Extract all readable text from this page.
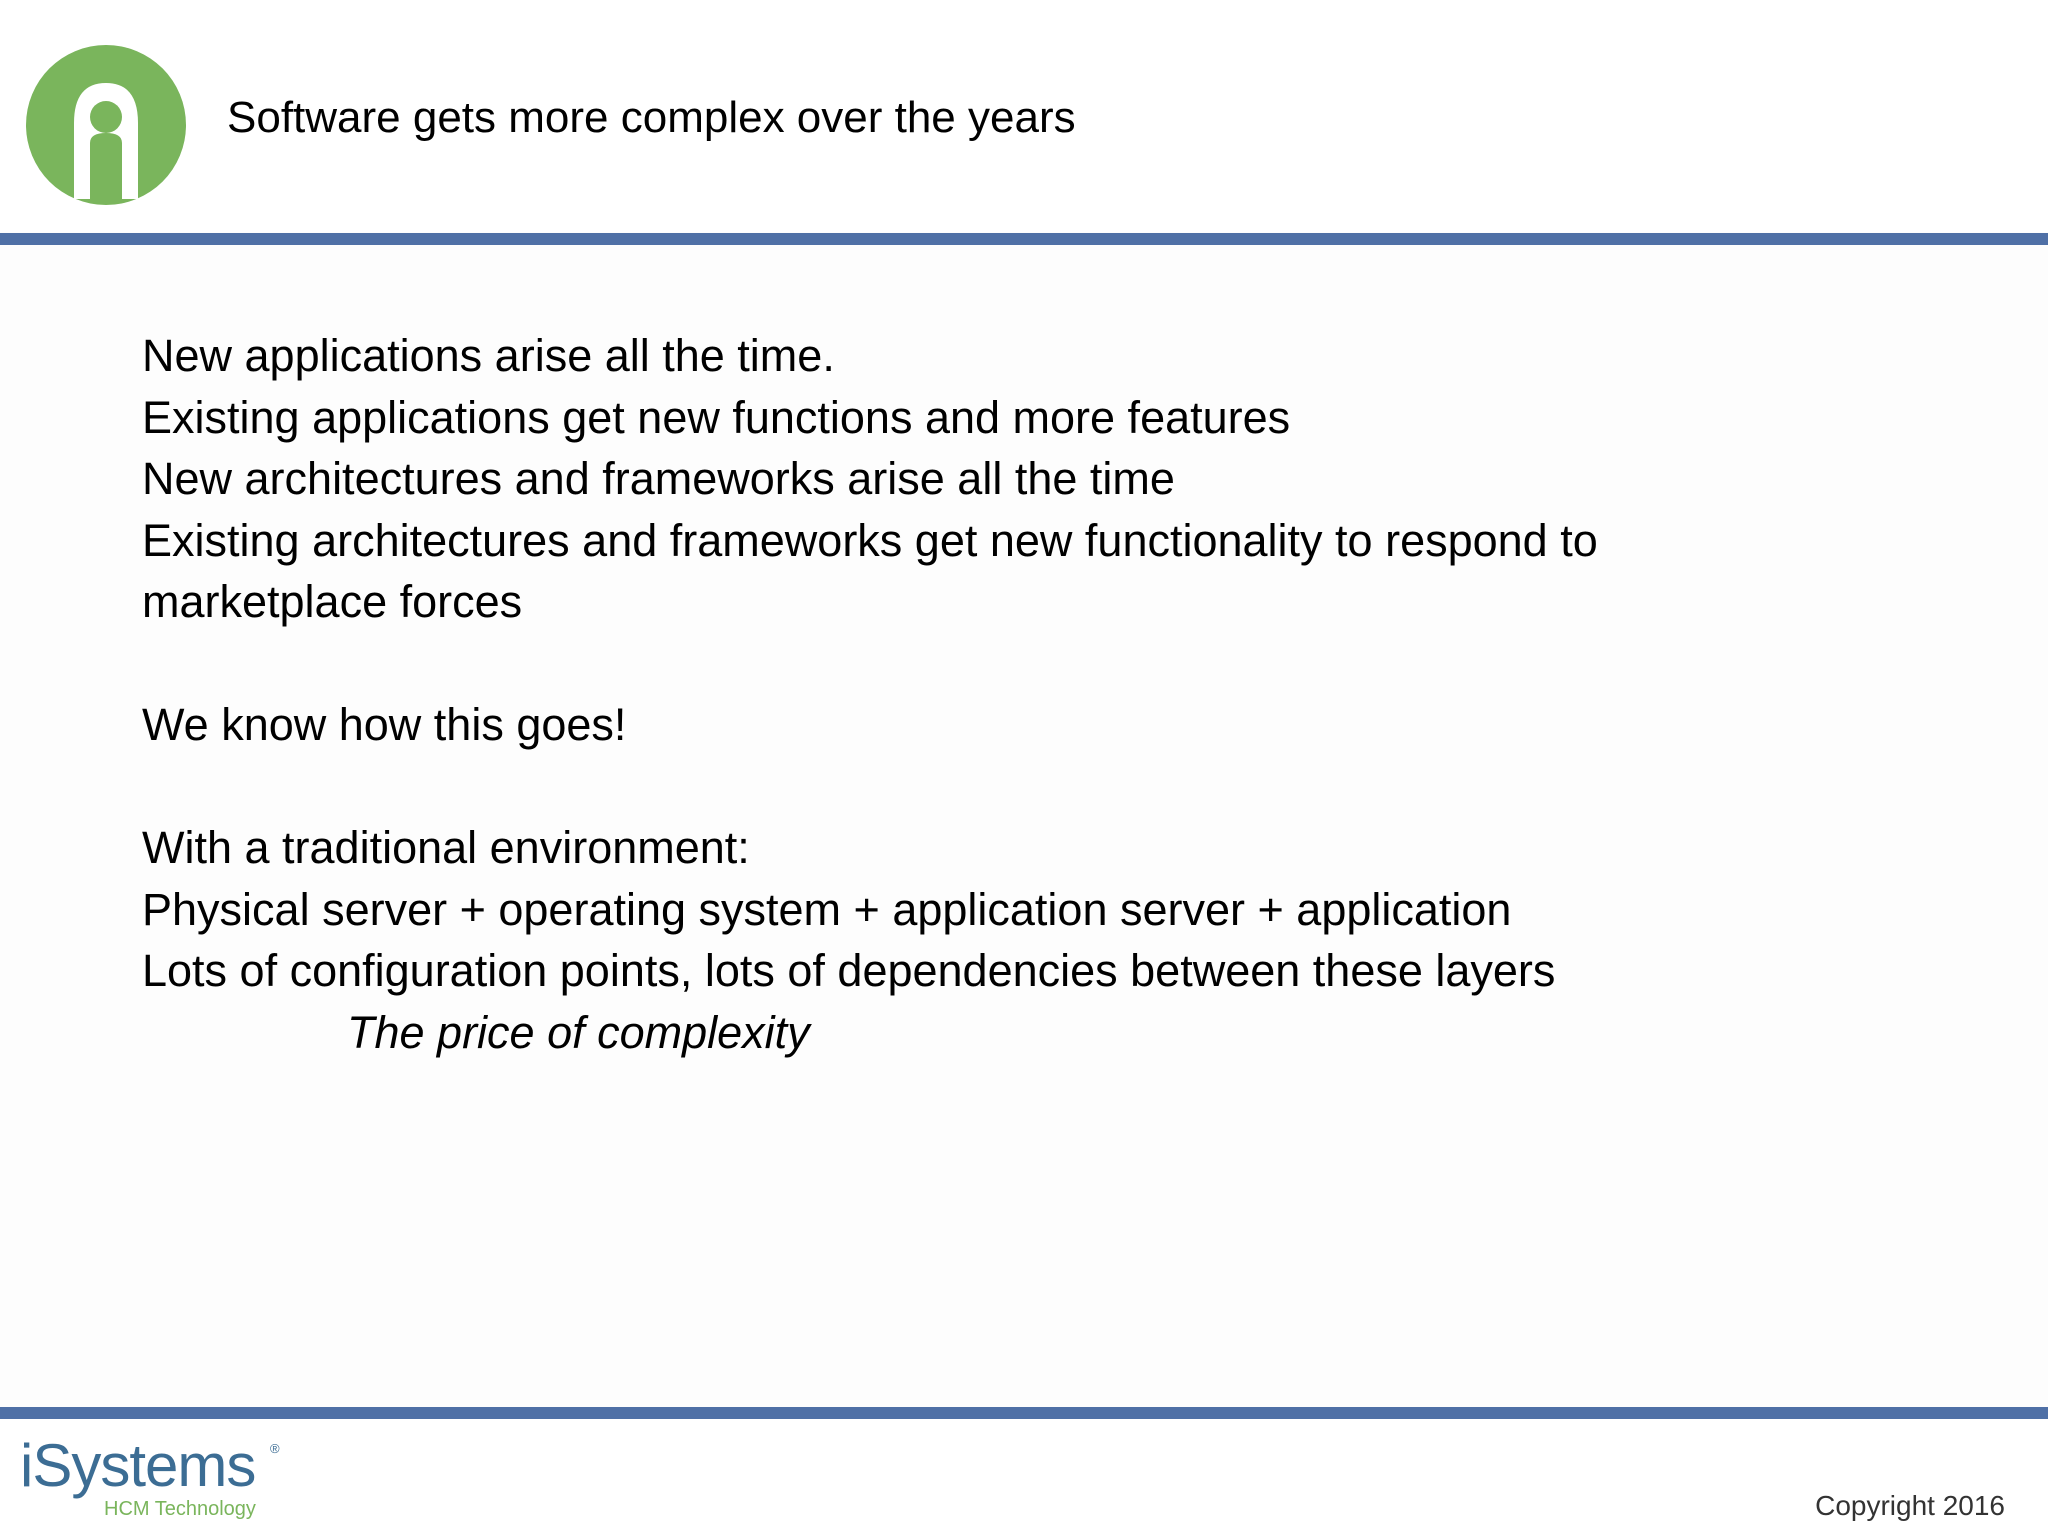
Software gets more complex over the years
New applications arise all the time.
Existing applications get new functions and more features
New architectures and frameworks arise all the time
Existing architectures and frameworks get new functionality to respond to
marketplace forces
We know how this goes!
With a traditional environment:
Physical server + operating system + application server + application
Lots of configuration points, lots of dependencies between these layers
The price of complexity
iSystems ®
HCM Technology	Copyright 2016
